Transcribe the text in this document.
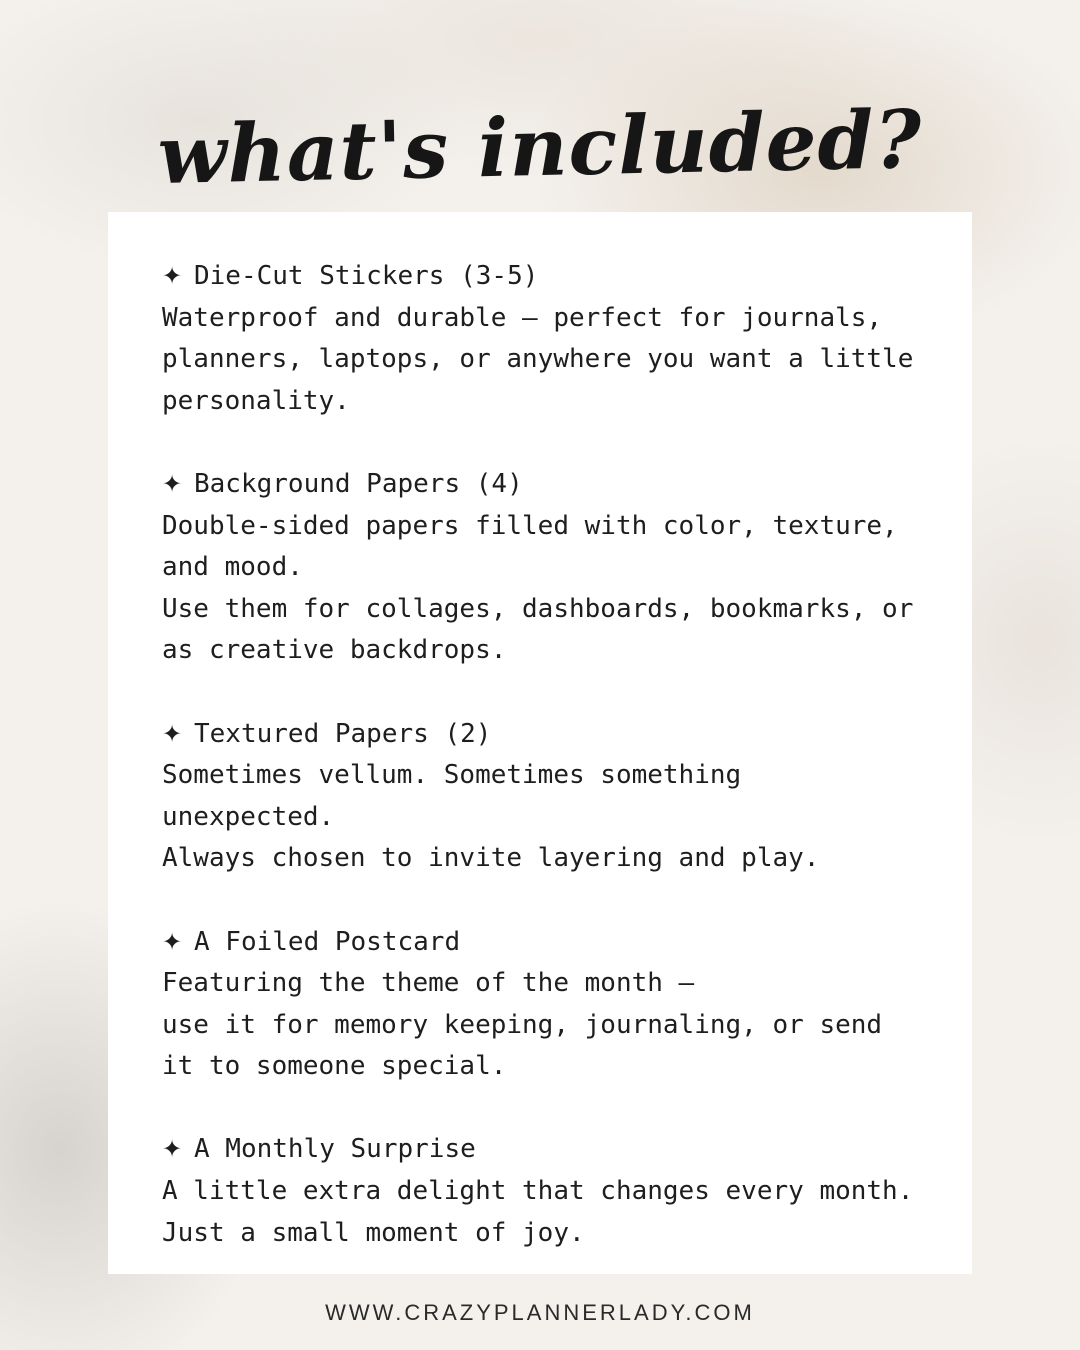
what's included?
✦ Die-Cut Stickers (3-5)
Waterproof and durable — perfect for journals,
planners, laptops, or anywhere you want a little
personality.
✦ Background Papers (4)
Double-sided papers filled with color, texture,
and mood.
Use them for collages, dashboards, bookmarks, or
as creative backdrops.
✦ Textured Papers (2)
Sometimes vellum. Sometimes something
unexpected.
Always chosen to invite layering and play.
✦ A Foiled Postcard
Featuring the theme of the month —
use it for memory keeping, journaling, or send
it to someone special.
✦ A Monthly Surprise
A little extra delight that changes every month.
Just a small moment of joy.
WWW.CRAZYPLANNERLADY.COM
